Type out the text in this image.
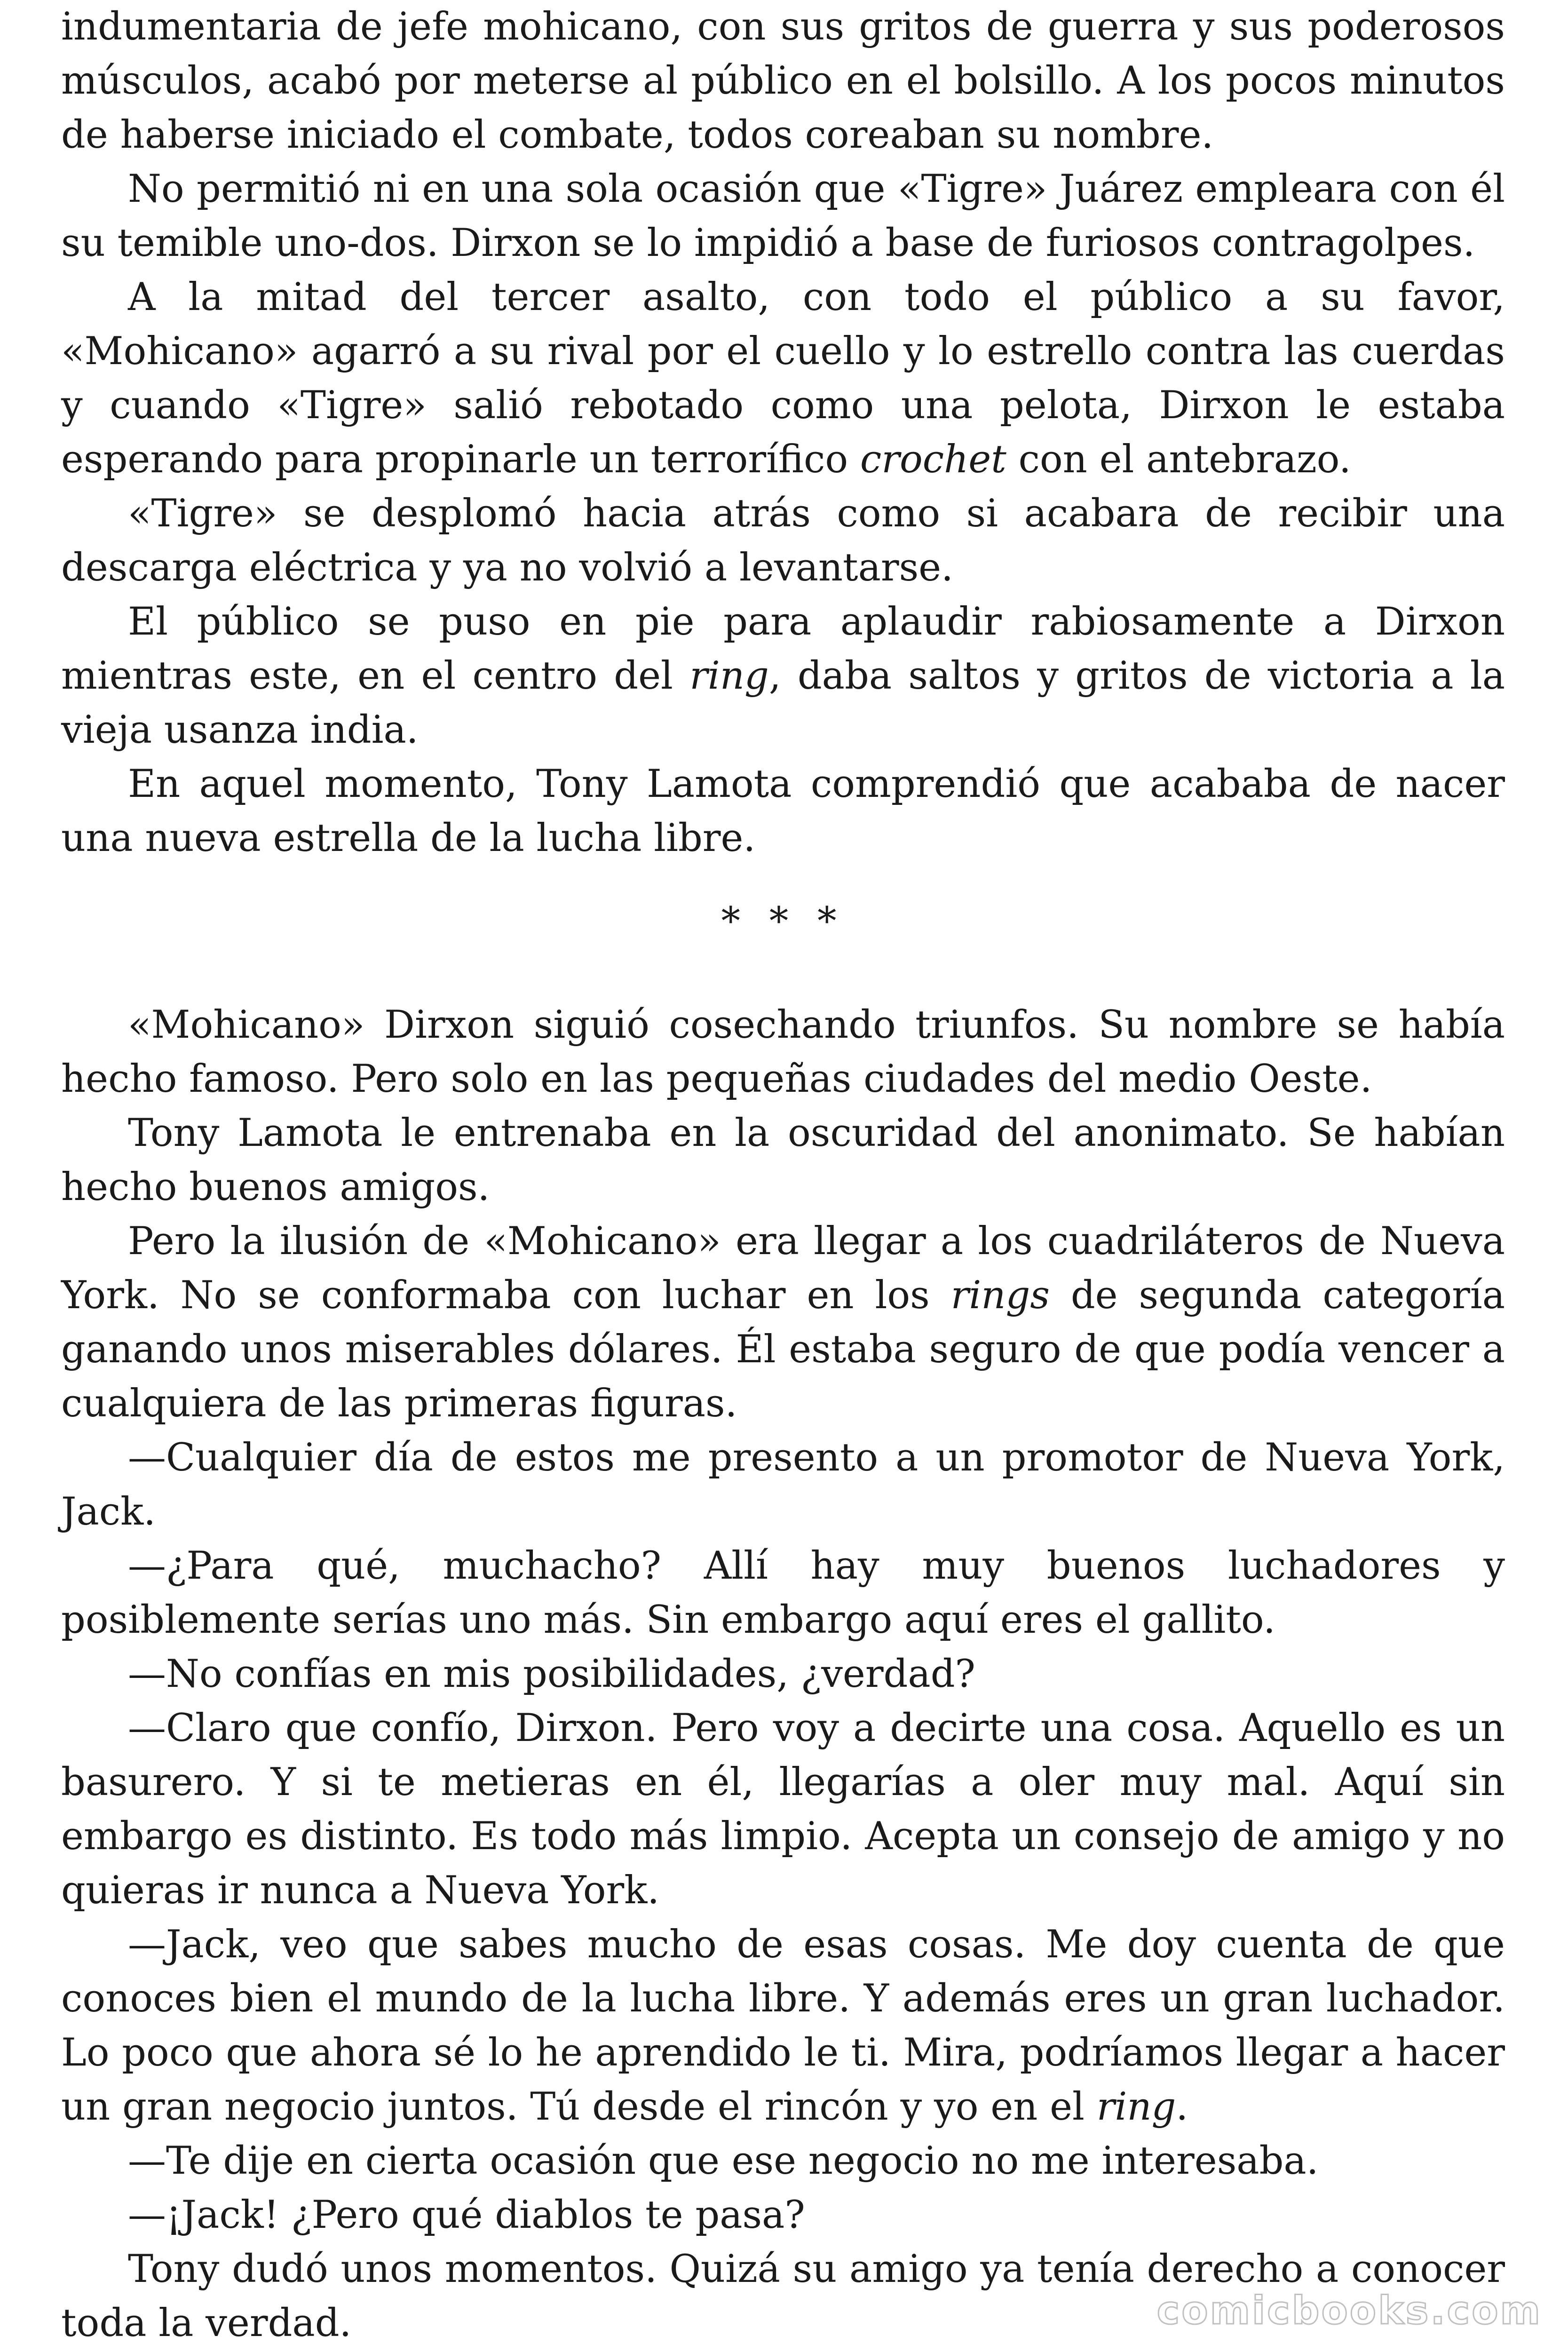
indumentaria de jefe mohicano, con sus gritos de guerra y sus poderosos músculos, acabó por meterse al público en el bolsillo. A los pocos minutos de haberse iniciado el combate, todos coreaban su nombre.

No permitió ni en una sola ocasión que «Tigre» Juárez empleara con él su temible uno-dos. Dirxon se lo impidió a base de furiosos contragolpes.

A la mitad del tercer asalto, con todo el público a su favor, «Mohicano» agarró a su rival por el cuello y lo estrello contra las cuerdas y cuando «Tigre» salió rebotado como una pelota, Dirxon le estaba esperando para propinarle un terrorífico crochet con el antebrazo.

«Tigre» se desplomó hacia atrás como si acabara de recibir una descarga eléctrica y ya no volvió a levantarse.

El público se puso en pie para aplaudir rabiosamente a Dirxon mientras este, en el centro del ring, daba saltos y gritos de victoria a la vieja usanza india.

En aquel momento, Tony Lamota comprendió que acababa de nacer una nueva estrella de la lucha libre.

* * *

«Mohicano» Dirxon siguió cosechando triunfos. Su nombre se había hecho famoso. Pero solo en las pequeñas ciudades del medio Oeste.

Tony Lamota le entrenaba en la oscuridad del anonimato. Se habían hecho buenos amigos.

Pero la ilusión de «Mohicano» era llegar a los cuadriláteros de Nueva York. No se conformaba con luchar en los rings de segunda categoría ganando unos miserables dólares. Él estaba seguro de que podía vencer a cualquiera de las primeras figuras.

—Cualquier día de estos me presento a un promotor de Nueva York, Jack.

—¿Para qué, muchacho? Allí hay muy buenos luchadores y posiblemente serías uno más. Sin embargo aquí eres el gallito.

—No confías en mis posibilidades, ¿verdad?

—Claro que confío, Dirxon. Pero voy a decirte una cosa. Aquello es un basurero. Y si te metieras en él, llegarías a oler muy mal. Aquí sin embargo es distinto. Es todo más limpio. Acepta un consejo de amigo y no quieras ir nunca a Nueva York.

—Jack, veo que sabes mucho de esas cosas. Me doy cuenta de que conoces bien el mundo de la lucha libre. Y además eres un gran luchador. Lo poco que ahora sé lo he aprendido le ti. Mira, podríamos llegar a hacer un gran negocio juntos. Tú desde el rincón y yo en el ring.

—Te dije en cierta ocasión que ese negocio no me interesaba.

—¡Jack! ¿Pero qué diablos te pasa?

Tony dudó unos momentos. Quizá su amigo ya tenía derecho a conocer toda la verdad.	comicbooks.com
